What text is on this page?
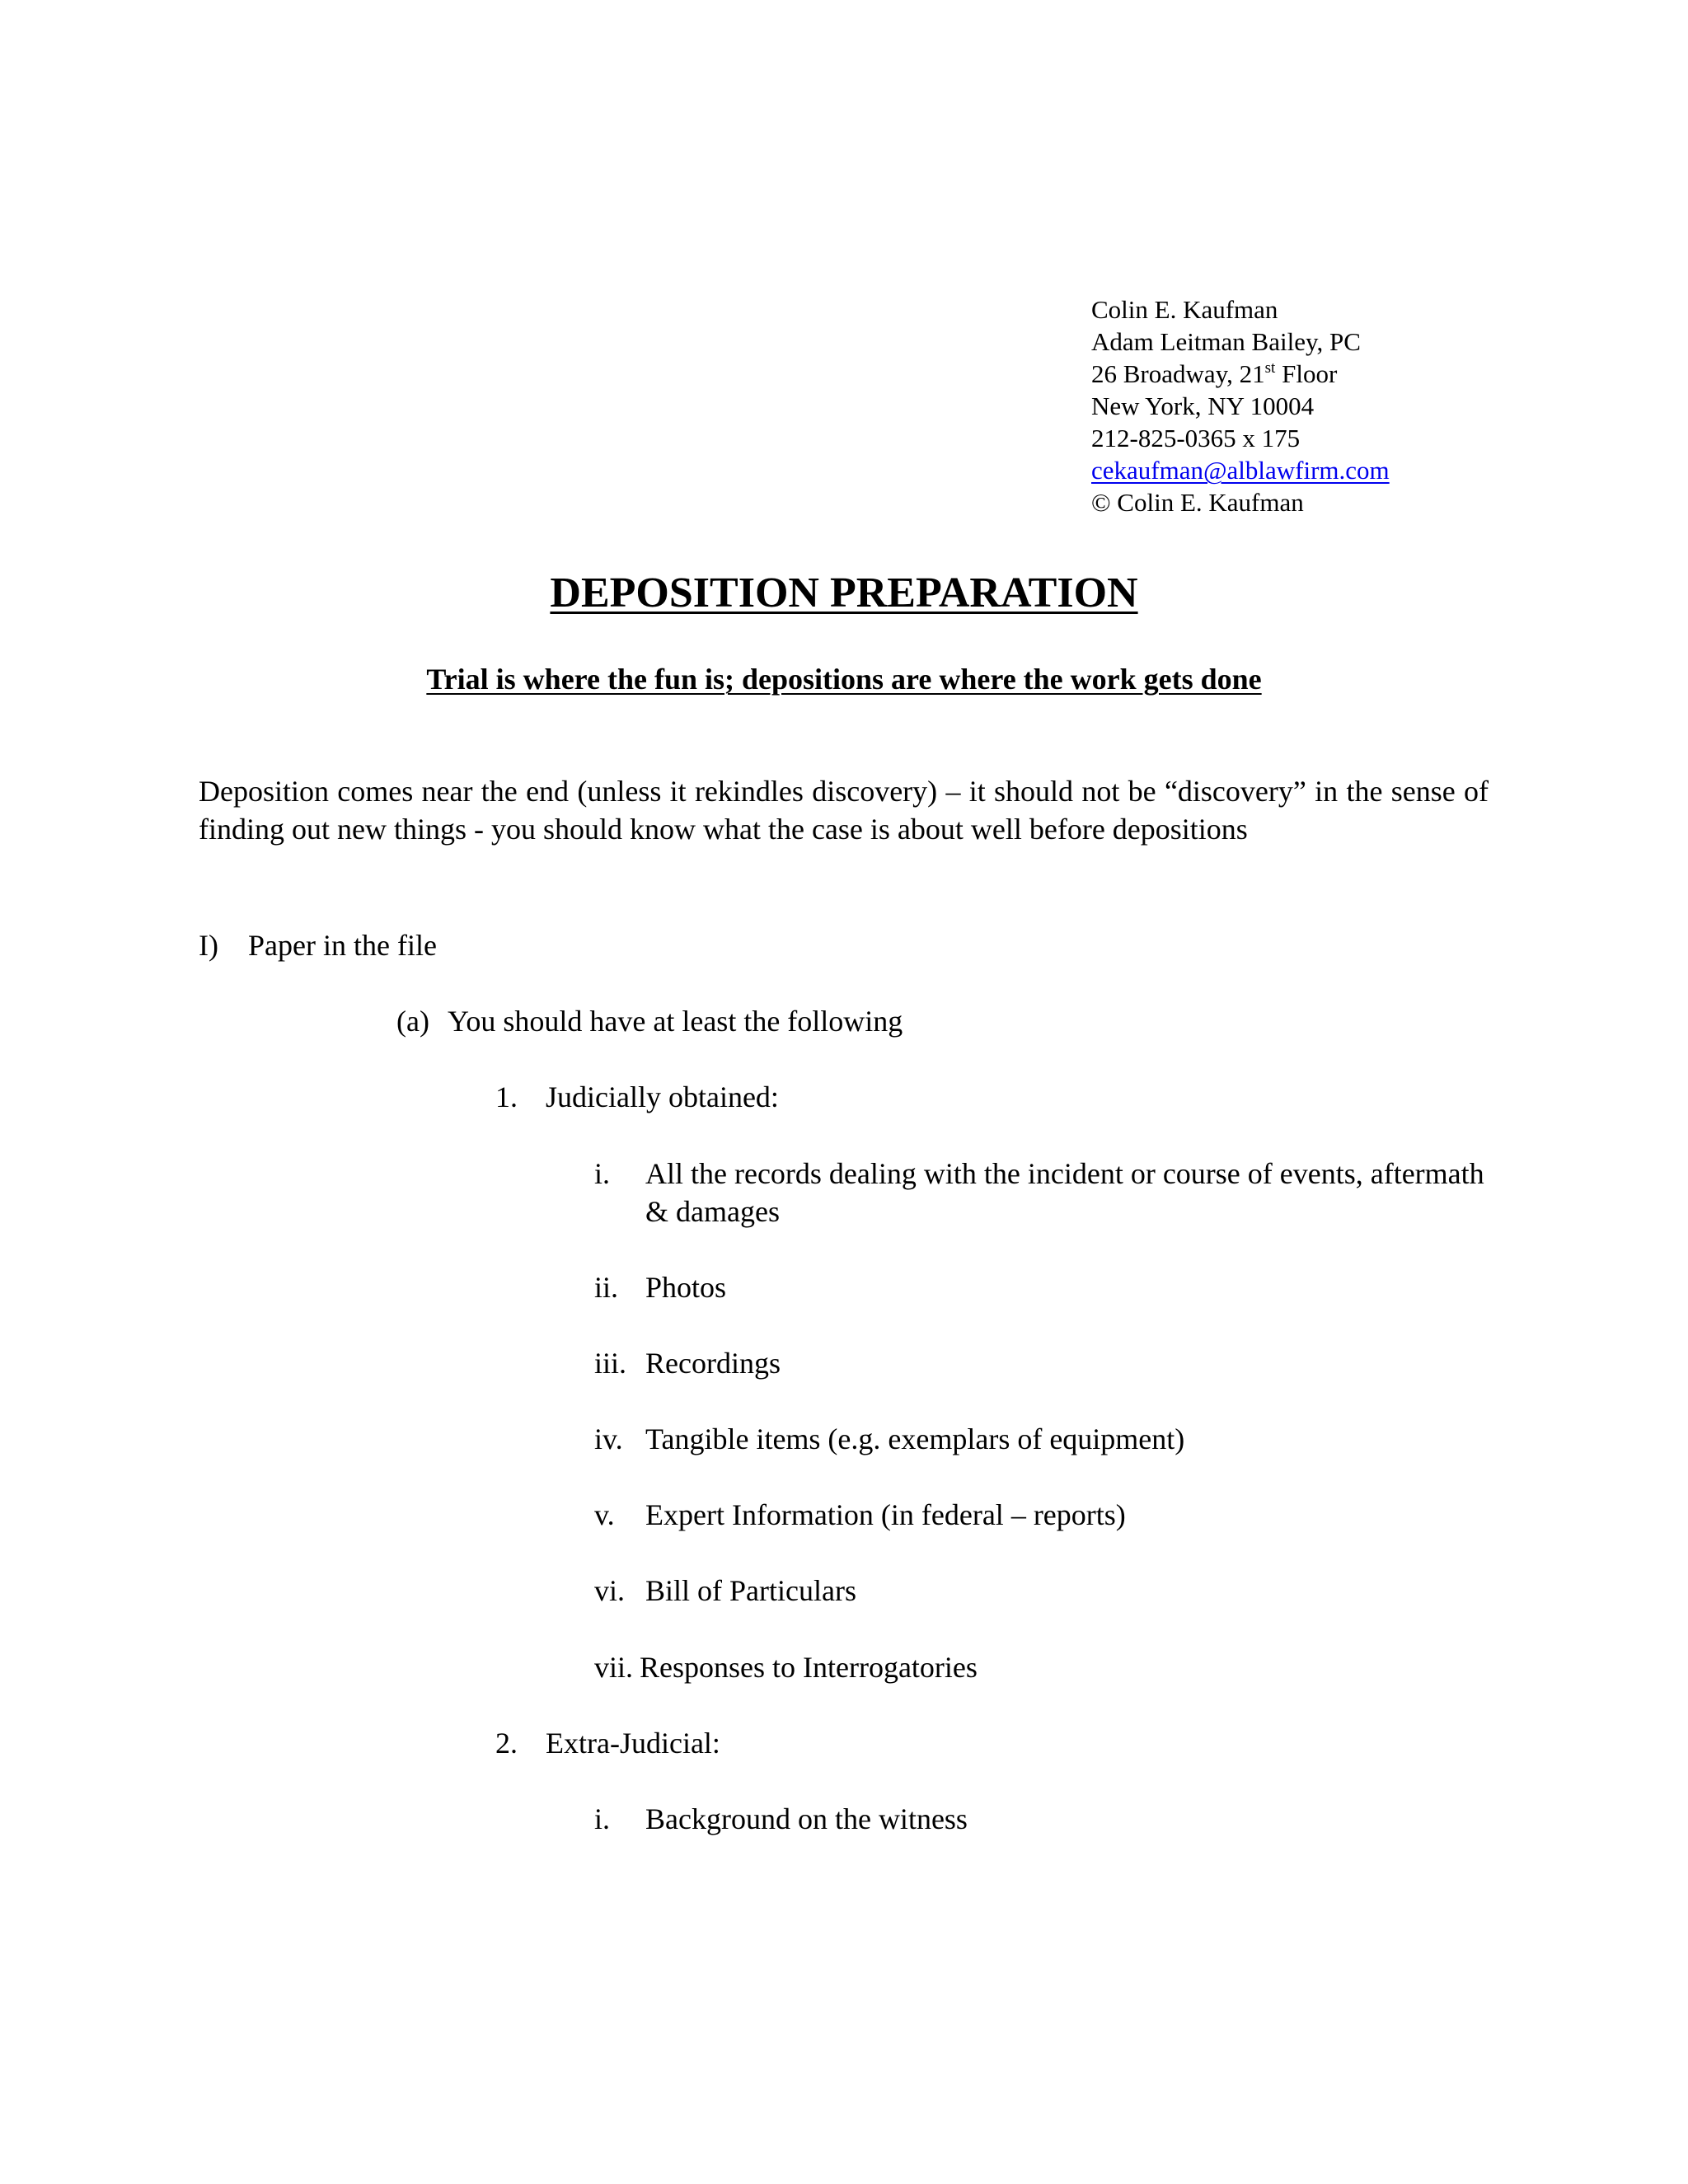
Colin E. Kaufman
Adam Leitman Bailey, PC
26 Broadway, 21st Floor
New York, NY 10004
212-825-0365 x 175
cekaufman@alblawfirm.com
© Colin E. Kaufman
DEPOSITION PREPARATION
Trial is where the fun is; depositions are where the work gets done

Deposition comes near the end (unless it rekindles discovery) – it should not be “discovery” in the sense of finding out new things - you should know what the case is about well before depositions

I) Paper in the file
(a) You should have at least the following
1. Judicially obtained:
i. All the records dealing with the incident or course of events, aftermath & damages

ii. Photos
iii. Recordings
iv. Tangible items (e.g. exemplars of equipment)
v. Expert Information (in federal – reports)
vi. Bill of Particulars
vii. Responses to Interrogatories
2. Extra-Judicial:
i. Background on the witness
